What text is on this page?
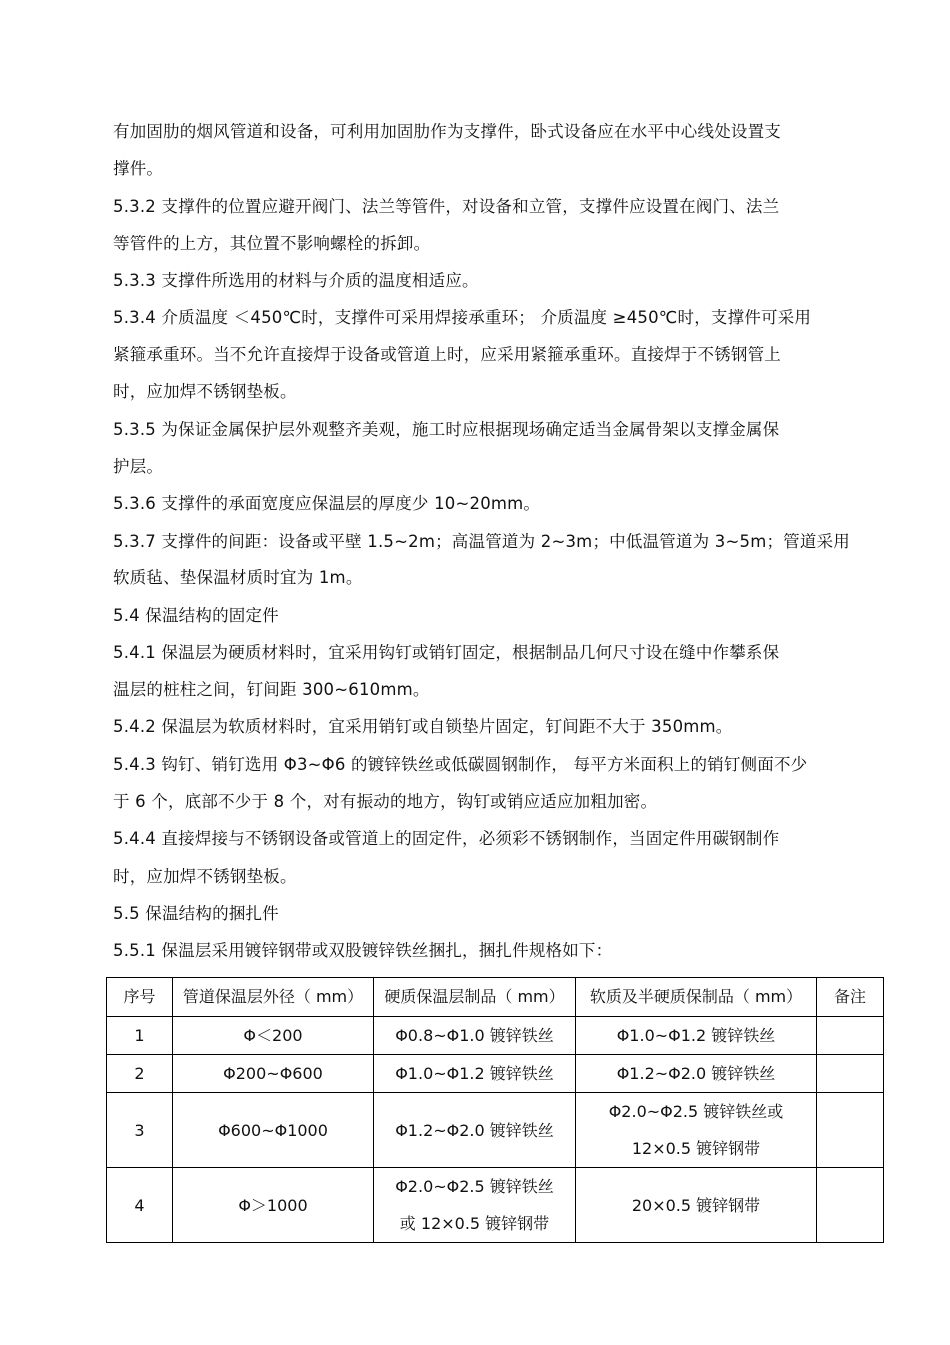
有加固肋的烟风管道和设备，可利用加固肋作为支撑件，卧式设备应在水平中心线处设置支
撑件。
5.3.2 支撑件的位置应避开阀门、法兰等管件，对设备和立管，支撑件应设置在阀门、法兰
等管件的上方，其位置不影响螺栓的拆卸。
5.3.3 支撑件所选用的材料与介质的温度相适应。
5.3.4 介质温度 ＜450℃时，支撑件可采用焊接承重环； 介质温度 ≥450℃时，支撑件可采用
紧箍承重环。当不允许直接焊于设备或管道上时，应采用紧箍承重环。直接焊于不锈钢管上
时，应加焊不锈钢垫板。
5.3.5 为保证金属保护层外观整齐美观，施工时应根据现场确定适当金属骨架以支撑金属保
护层。
5.3.6 支撑件的承面宽度应保温层的厚度少 10~20mm。
5.3.7 支撑件的间距：设备或平壁 1.5~2m；高温管道为 2~3m；中低温管道为 3~5m；管道采用
软质毡、垫保温材质时宜为 1m。
5.4 保温结构的固定件
5.4.1 保温层为硬质材料时，宜采用钩钉或销钉固定，根据制品几何尺寸设在缝中作攀系保
温层的桩柱之间，钉间距 300~610mm。
5.4.2 保温层为软质材料时，宜采用销钉或自锁垫片固定，钉间距不大于 350mm。
5.4.3 钩钉、销钉选用 Φ3~Φ6 的镀锌铁丝或低碳圆钢制作， 每平方米面积上的销钉侧面不少
于 6 个，底部不少于 8 个，对有振动的地方，钩钉或销应适应加粗加密。
5.4.4 直接焊接与不锈钢设备或管道上的固定件，必须彩不锈钢制作，当固定件用碳钢制作
时，应加焊不锈钢垫板。
5.5 保温结构的捆扎件
5.5.1 保温层采用镀锌钢带或双股镀锌铁丝捆扎，捆扎件规格如下：
序号	管道保温层外径（ mm）	硬质保温层制品（ mm）	软质及半硬质保制品（ mm）	备注
1	Φ＜200	Φ0.8~Φ1.0 镀锌铁丝	Φ1.0~Φ1.2 镀锌铁丝	

2	Φ200~Φ600	Φ1.0~Φ1.2 镀锌铁丝	Φ1.2~Φ2.0 镀锌铁丝	

3	Φ600~Φ1000	Φ1.2~Φ2.0 镀锌铁丝	Φ2.0~Φ2.5 镀锌铁丝或
12×0.5 镀锌钢带	

4	Φ＞1000	Φ2.0~Φ2.5 镀锌铁丝
或 12×0.5 镀锌钢带	20×0.5 镀锌钢带	
